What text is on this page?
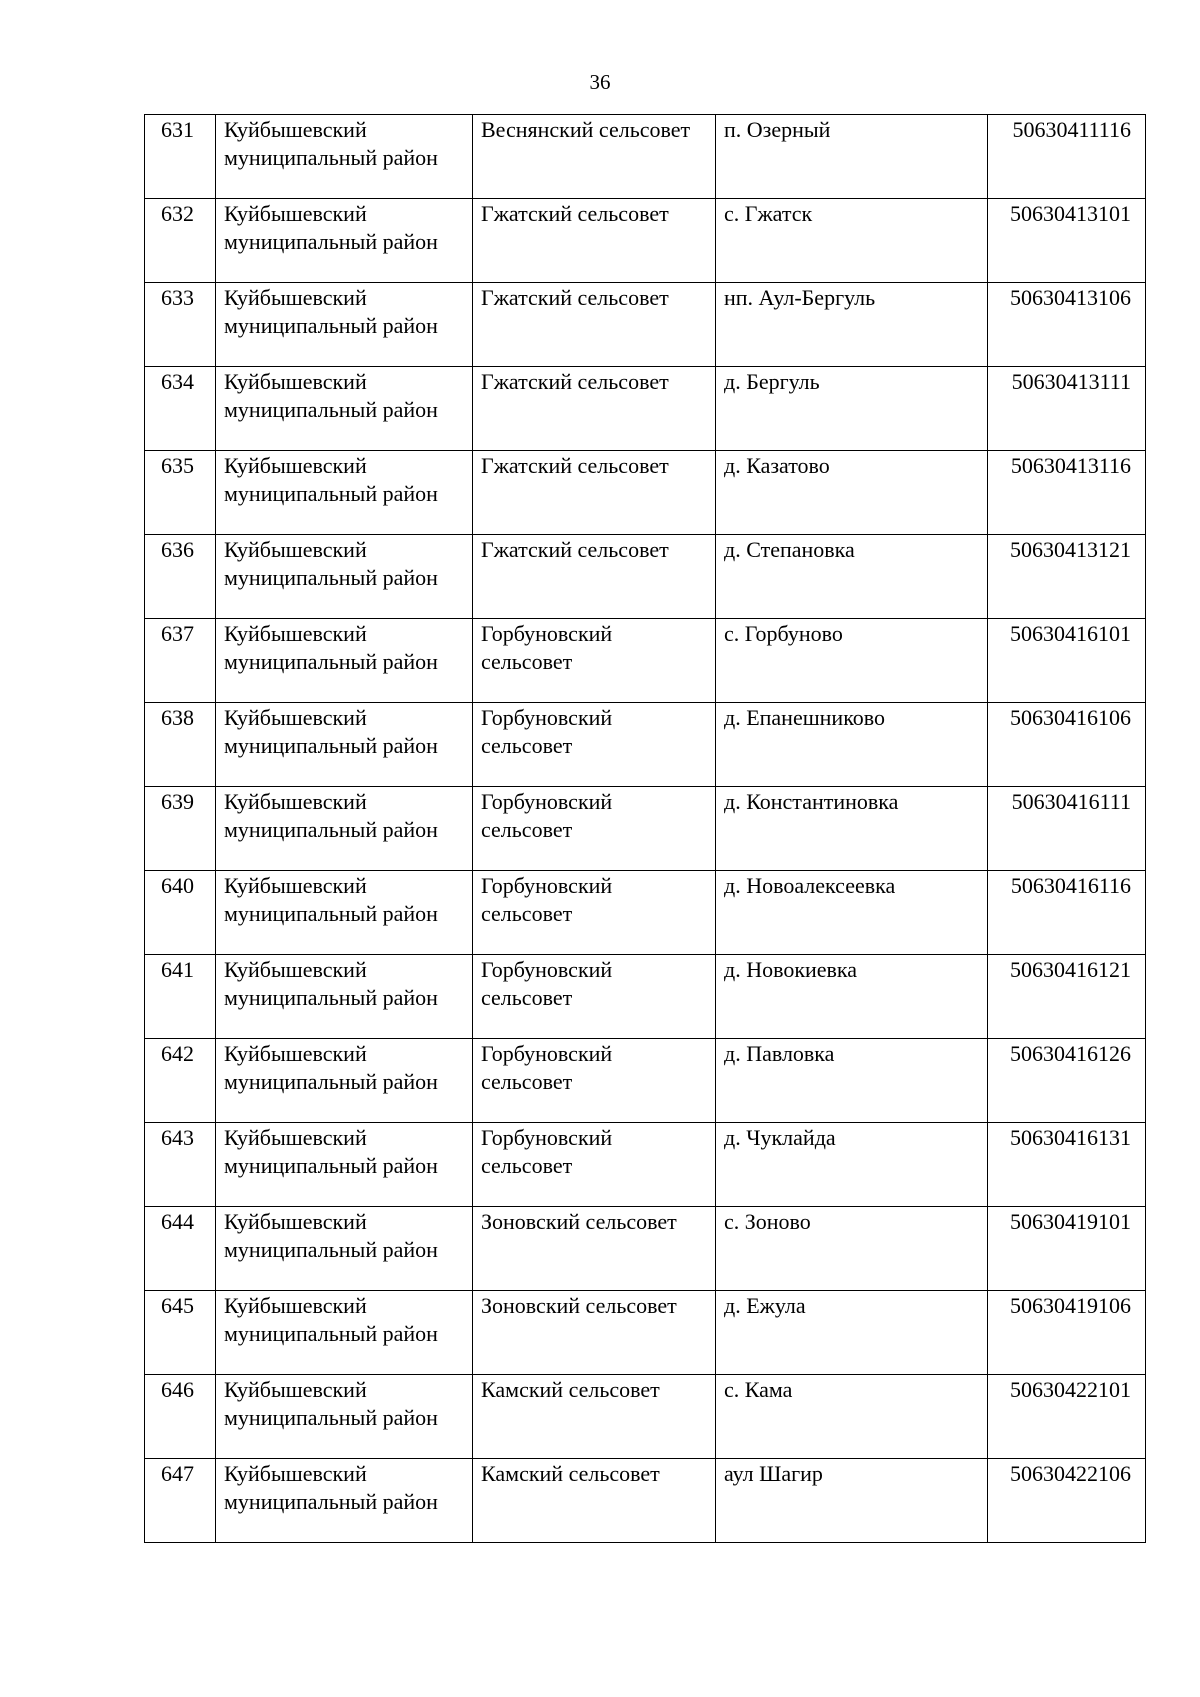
36
631	Куйбышевский муниципальный район	Веснянский сельсовет	п. Озерный	50630411116

632	Куйбышевский муниципальный район	Гжатский сельсовет	с. Гжатск	50630413101

633	Куйбышевский муниципальный район	Гжатский сельсовет	нп. Аул-Бергуль	50630413106

634	Куйбышевский муниципальный район	Гжатский сельсовет	д. Бергуль	50630413111

635	Куйбышевский муниципальный район	Гжатский сельсовет	д. Казатово	50630413116

636	Куйбышевский муниципальный район	Гжатский сельсовет	д. Степановка	50630413121

637	Куйбышевский муниципальный район	Горбуновский сельсовет	с. Горбуново	50630416101

638	Куйбышевский муниципальный район	Горбуновский сельсовет	д. Епанешниково	50630416106

639	Куйбышевский муниципальный район	Горбуновский сельсовет	д. Константиновка	50630416111

640	Куйбышевский муниципальный район	Горбуновский сельсовет	д. Новоалексеевка	50630416116

641	Куйбышевский муниципальный район	Горбуновский сельсовет	д. Новокиевка	50630416121

642	Куйбышевский муниципальный район	Горбуновский сельсовет	д. Павловка	50630416126

643	Куйбышевский муниципальный район	Горбуновский сельсовет	д. Чуклайда	50630416131

644	Куйбышевский муниципальный район	Зоновский сельсовет	с. Зоново	50630419101

645	Куйбышевский муниципальный район	Зоновский сельсовет	д. Ежула	50630419106

646	Куйбышевский муниципальный район	Камский сельсовет	с. Кама	50630422101

647	Куйбышевский муниципальный район	Камский сельсовет	аул Шагир	50630422106
